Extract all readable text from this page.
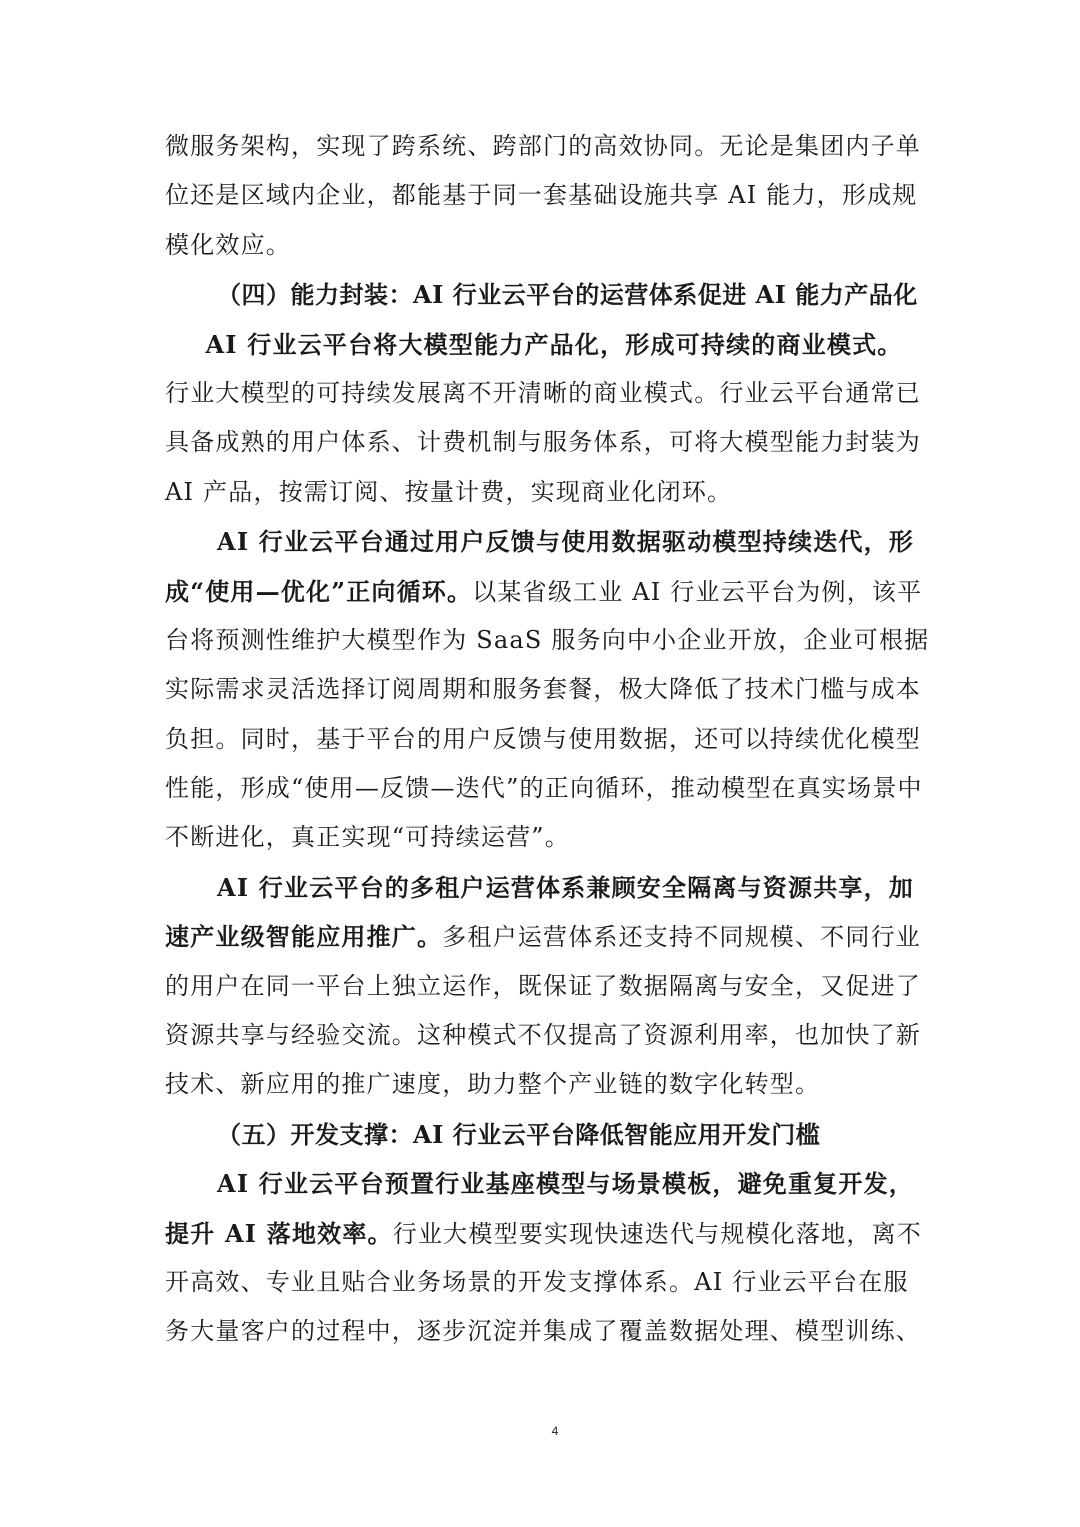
微服务架构，实现了跨系统、跨部门的高效协同。无论是集团内子单
位还是区域内企业，都能基于同一套基础设施共享 AI 能力，形成规
模化效应。
（四）能力封装：AI 行业云平台的运营体系促进 AI 能力产品化
AI 行业云平台将大模型能力产品化，形成可持续的商业模式。
行业大模型的可持续发展离不开清晰的商业模式。行业云平台通常已
具备成熟的用户体系、计费机制与服务体系，可将大模型能力封装为
AI 产品，按需订阅、按量计费，实现商业化闭环。
AI 行业云平台通过用户反馈与使用数据驱动模型持续迭代，形
成“使用—优化”正向循环。以某省级工业 AI 行业云平台为例，该平
台将预测性维护大模型作为 SaaS 服务向中小企业开放，企业可根据
实际需求灵活选择订阅周期和服务套餐，极大降低了技术门槛与成本
负担。同时，基于平台的用户反馈与使用数据，还可以持续优化模型
性能，形成“使用—反馈—迭代”的正向循环，推动模型在真实场景中
不断进化，真正实现“可持续运营”。
AI 行业云平台的多租户运营体系兼顾安全隔离与资源共享，加
速产业级智能应用推广。多租户运营体系还支持不同规模、不同行业
的用户在同一平台上独立运作，既保证了数据隔离与安全，又促进了
资源共享与经验交流。这种模式不仅提高了资源利用率，也加快了新
技术、新应用的推广速度，助力整个产业链的数字化转型。
（五）开发支撑：AI 行业云平台降低智能应用开发门槛
AI 行业云平台预置行业基座模型与场景模板，避免重复开发，
提升 AI 落地效率。行业大模型要实现快速迭代与规模化落地，离不
开高效、专业且贴合业务场景的开发支撑体系。AI 行业云平台在服
务大量客户的过程中，逐步沉淀并集成了覆盖数据处理、模型训练、
4
